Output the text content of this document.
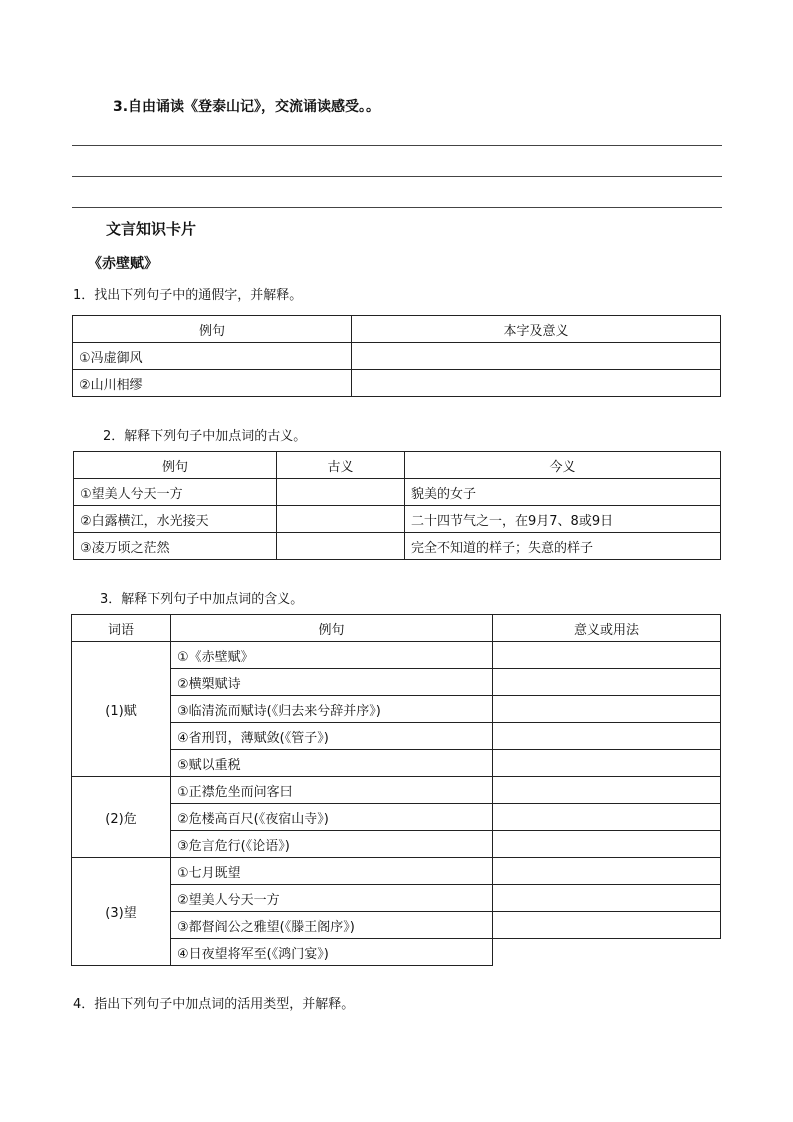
3.自由诵读《登泰山记》，交流诵读感受。。
文言知识卡片
《赤壁赋》
1．找出下列句子中的通假字，并解释。
例句	本字及意义
①冯虚御风	
②山川相缪	
2．解释下列句子中加点词的古义。
例句	古义	今义
①望美人兮天一方		貌美的女子
②白露横江，水光接天		二十四节气之一，在9月7、8或9日
③凌万顷之茫然		完全不知道的样子；失意的样子
3．解释下列句子中加点词的含义。
词语	例句	意义或用法
(1)赋	①《赤壁赋》	
	②横槊赋诗	
	③临清流而赋诗(《归去来兮辞并序》)	
	④省刑罚，薄赋敛(《管子》)	
	⑤赋以重税	
(2)危	①正襟危坐而问客曰	
	②危楼高百尺(《夜宿山寺》)	
	③危言危行(《论语》)	
(3)望	①七月既望	
	②望美人兮天一方	
	③都督阎公之雅望(《滕王阁序》)	
	④日夜望将军至(《鸿门宴》)	
4．指出下列句子中加点词的活用类型，并解释。
